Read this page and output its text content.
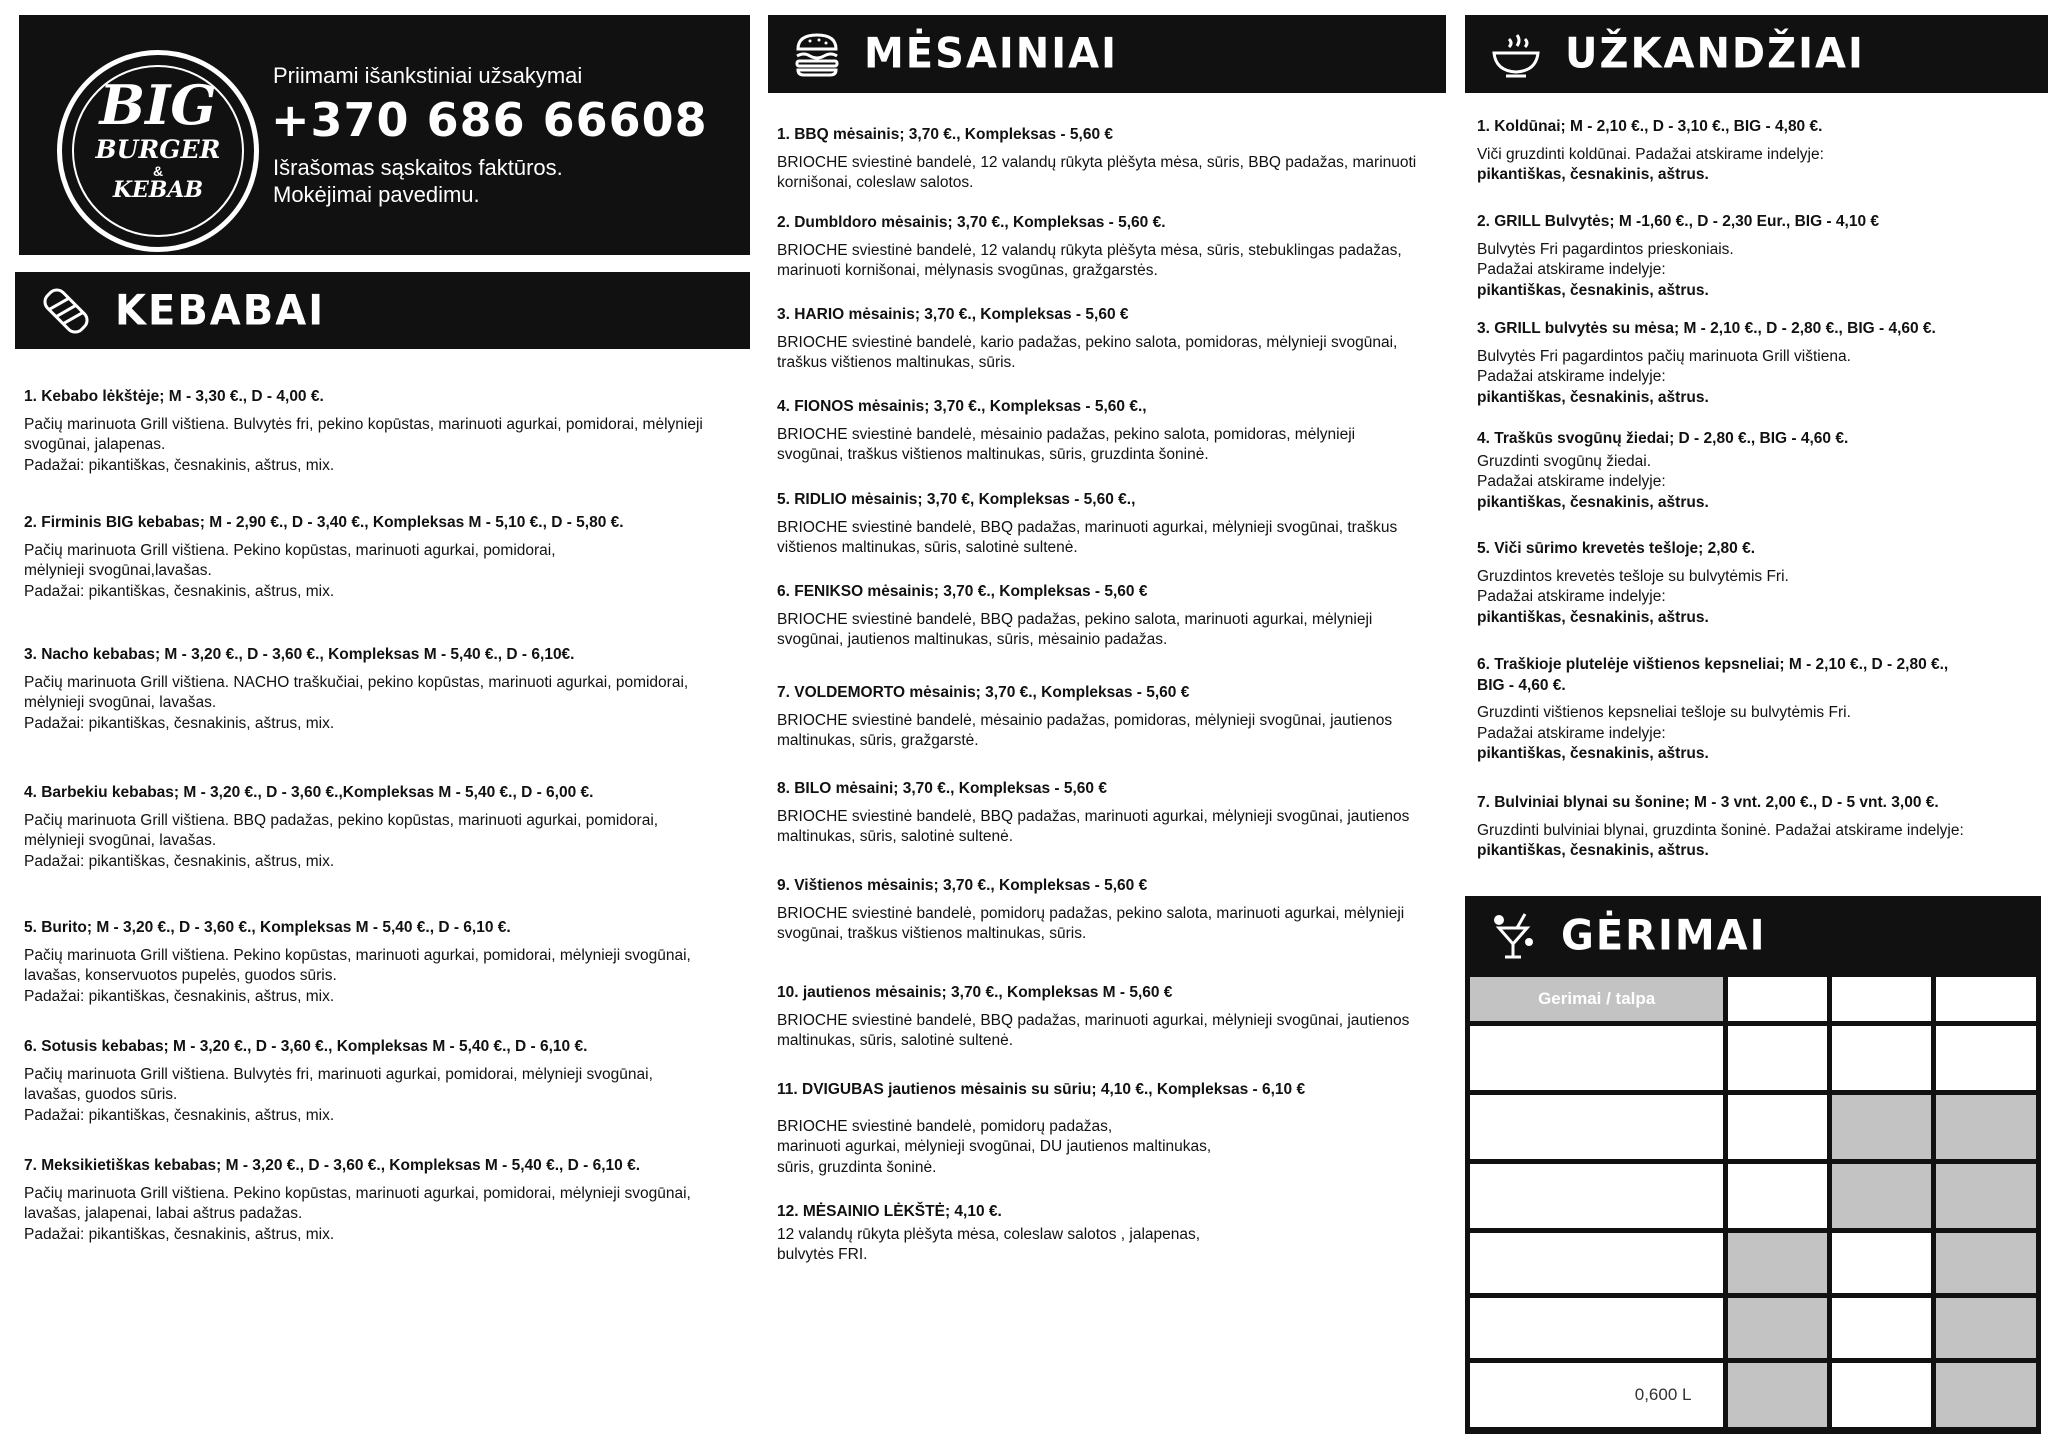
BIG
BURGER
&
KEBAB
Priimami išankstiniai užsakymai
+370 686 66608
Išrašomas sąskaitos faktūros.
Mokėjimai pavedimu.
KEBABAI
1. Kebabo lėkštėje; M - 3,30 €., D - 4,00 €.
Pačių marinuota Grill vištiena. Bulvytės fri, pekino kopūstas, marinuoti agurkai, pomidorai, mėlynieji
svogūnai, jalapenas.
Padažai: pikantiškas, česnakinis, aštrus, mix.
2. Firminis BIG kebabas; M - 2,90 €., D - 3,40 €., Kompleksas M - 5,10 €., D - 5,80 €.
Pačių marinuota Grill vištiena. Pekino kopūstas, marinuoti agurkai, pomidorai,
mėlynieji svogūnai,lavašas.
Padažai: pikantiškas, česnakinis, aštrus, mix.
3. Nacho kebabas; M - 3,20 €., D - 3,60 €., Kompleksas M - 5,40 €., D - 6,10€.
Pačių marinuota Grill vištiena. NACHO traškučiai, pekino kopūstas, marinuoti agurkai, pomidorai,
mėlynieji svogūnai, lavašas.
Padažai: pikantiškas, česnakinis, aštrus, mix.
4. Barbekiu kebabas; M - 3,20 €., D - 3,60 €.,Kompleksas M - 5,40 €., D - 6,00 €.
Pačių marinuota Grill vištiena. BBQ padažas, pekino kopūstas, marinuoti agurkai, pomidorai,
mėlynieji svogūnai, lavašas.
Padažai: pikantiškas, česnakinis, aštrus, mix.
5. Burito; M - 3,20 €., D - 3,60 €., Kompleksas M - 5,40 €., D - 6,10 €.
Pačių marinuota Grill vištiena. Pekino kopūstas, marinuoti agurkai, pomidorai, mėlynieji svogūnai,
lavašas, konservuotos pupelės, guodos sūris.
Padažai: pikantiškas, česnakinis, aštrus, mix.
6. Sotusis kebabas; M - 3,20 €., D - 3,60 €., Kompleksas M - 5,40 €., D - 6,10 €.
Pačių marinuota Grill vištiena. Bulvytės fri, marinuoti agurkai, pomidorai, mėlynieji svogūnai,
lavašas, guodos sūris.
Padažai: pikantiškas, česnakinis, aštrus, mix.
7. Meksikietiškas kebabas; M - 3,20 €., D - 3,60 €., Kompleksas M - 5,40 €., D - 6,10 €.
Pačių marinuota Grill vištiena. Pekino kopūstas, marinuoti agurkai, pomidorai, mėlynieji svogūnai,
lavašas, jalapenai, labai aštrus padažas.
Padažai: pikantiškas, česnakinis, aštrus, mix.
MĖSAINIAI
1. BBQ mėsainis; 3,70 €., Kompleksas - 5,60 €
BRIOCHE sviestinė bandelė, 12 valandų rūkyta plėšyta mėsa, sūris, BBQ padažas, marinuoti
kornišonai, coleslaw salotos.
2. Dumbldoro mėsainis; 3,70 €., Kompleksas - 5,60 €.
BRIOCHE sviestinė bandelė, 12 valandų rūkyta plėšyta mėsa, sūris, stebuklingas padažas,
marinuoti kornišonai, mėlynasis svogūnas, gražgarstės.
3. HARIO mėsainis; 3,70 €., Kompleksas - 5,60 €
BRIOCHE sviestinė bandelė, kario padažas, pekino salota, pomidoras, mėlynieji svogūnai,
traškus vištienos maltinukas, sūris.
4. FIONOS mėsainis; 3,70 €., Kompleksas - 5,60 €.,
BRIOCHE sviestinė bandelė, mėsainio padažas, pekino salota, pomidoras, mėlynieji
svogūnai, traškus vištienos maltinukas, sūris, gruzdinta šoninė.
5. RIDLIO mėsainis; 3,70 €, Kompleksas - 5,60 €.,
BRIOCHE sviestinė bandelė, BBQ padažas, marinuoti agurkai, mėlynieji svogūnai, traškus
vištienos maltinukas, sūris, salotinė sultenė.
6. FENIKSO mėsainis; 3,70 €., Kompleksas - 5,60 €
BRIOCHE sviestinė bandelė, BBQ padažas, pekino salota, marinuoti agurkai, mėlynieji
svogūnai, jautienos maltinukas, sūris, mėsainio padažas.
7. VOLDEMORTO mėsainis; 3,70 €., Kompleksas - 5,60 €
BRIOCHE sviestinė bandelė, mėsainio padažas, pomidoras, mėlynieji svogūnai, jautienos
maltinukas, sūris, gražgarstė.
8. BILO mėsaini; 3,70 €., Kompleksas - 5,60 €
BRIOCHE sviestinė bandelė, BBQ padažas, marinuoti agurkai, mėlynieji svogūnai, jautienos
maltinukas, sūris, salotinė sultenė.
9. Vištienos mėsainis; 3,70 €., Kompleksas - 5,60 €
BRIOCHE sviestinė bandelė, pomidorų padažas, pekino salota, marinuoti agurkai, mėlynieji
svogūnai, traškus vištienos maltinukas, sūris.
10. jautienos mėsainis; 3,70 €., Kompleksas M - 5,60 €
BRIOCHE sviestinė bandelė, BBQ padažas, marinuoti agurkai, mėlynieji svogūnai, jautienos
maltinukas, sūris, salotinė sultenė.
11. DVIGUBAS jautienos mėsainis su sūriu; 4,10 €., Kompleksas - 6,10 €
BRIOCHE sviestinė bandelė, pomidorų padažas,
marinuoti agurkai, mėlynieji svogūnai, DU jautienos maltinukas,
sūris, gruzdinta šoninė.
12. MĖSAINIO LĖKŠTĖ; 4,10 €.
12 valandų rūkyta plėšyta mėsa, coleslaw salotos , jalapenas,
bulvytės FRI.
UŽKANDŽIAI
1. Koldūnai; M - 2,10 €., D - 3,10 €., BIG - 4,80 €.
Viči gruzdinti koldūnai. Padažai atskirame indelyje:
pikantiškas, česnakinis, aštrus.
2. GRILL Bulvytės; M -1,60 €., D - 2,30 Eur., BIG - 4,10 €
Bulvytės Fri pagardintos prieskoniais.
Padažai atskirame indelyje:
pikantiškas, česnakinis, aštrus.
3. GRILL bulvytės su mėsa; M - 2,10 €., D - 2,80 €., BIG - 4,60 €.
Bulvytės Fri pagardintos pačių marinuota Grill vištiena.
Padažai atskirame indelyje:
pikantiškas, česnakinis, aštrus.
4. Traškūs svogūnų žiedai; D - 2,80 €., BIG - 4,60 €.
Gruzdinti svogūnų žiedai.
Padažai atskirame indelyje:
pikantiškas, česnakinis, aštrus.
5. Viči sūrimo krevetės tešloje; 2,80 €.
Gruzdintos krevetės tešloje su bulvytėmis Fri.
Padažai atskirame indelyje:
pikantiškas, česnakinis, aštrus.
6. Traškioje plutelėje vištienos kepsneliai; M - 2,10 €., D - 2,80 €.,
BIG - 4,60 €.
Gruzdinti vištienos kepsneliai tešloje su bulvytėmis Fri.
Padažai atskirame indelyje:
pikantiškas, česnakinis, aštrus.
7. Bulviniai blynai su šonine; M - 3 vnt. 2,00 €., D - 5 vnt. 3,00 €.
Gruzdinti bulviniai blynai, gruzdinta šoninė. Padažai atskirame indelyje:
pikantiškas, česnakinis, aštrus.
GĖRIMAI
Gerimai / talpa	0,33 L	0,5 L	1,5 L
Coca-Cola	0,80€	1,00€	1,50€
Fanta	0,80€		
Sprite	0,80€		
Gazuotas mineralinis		1,00€	
Cappy		1,00€	
Pieno kokteilis 0,600 L		1,20€	
